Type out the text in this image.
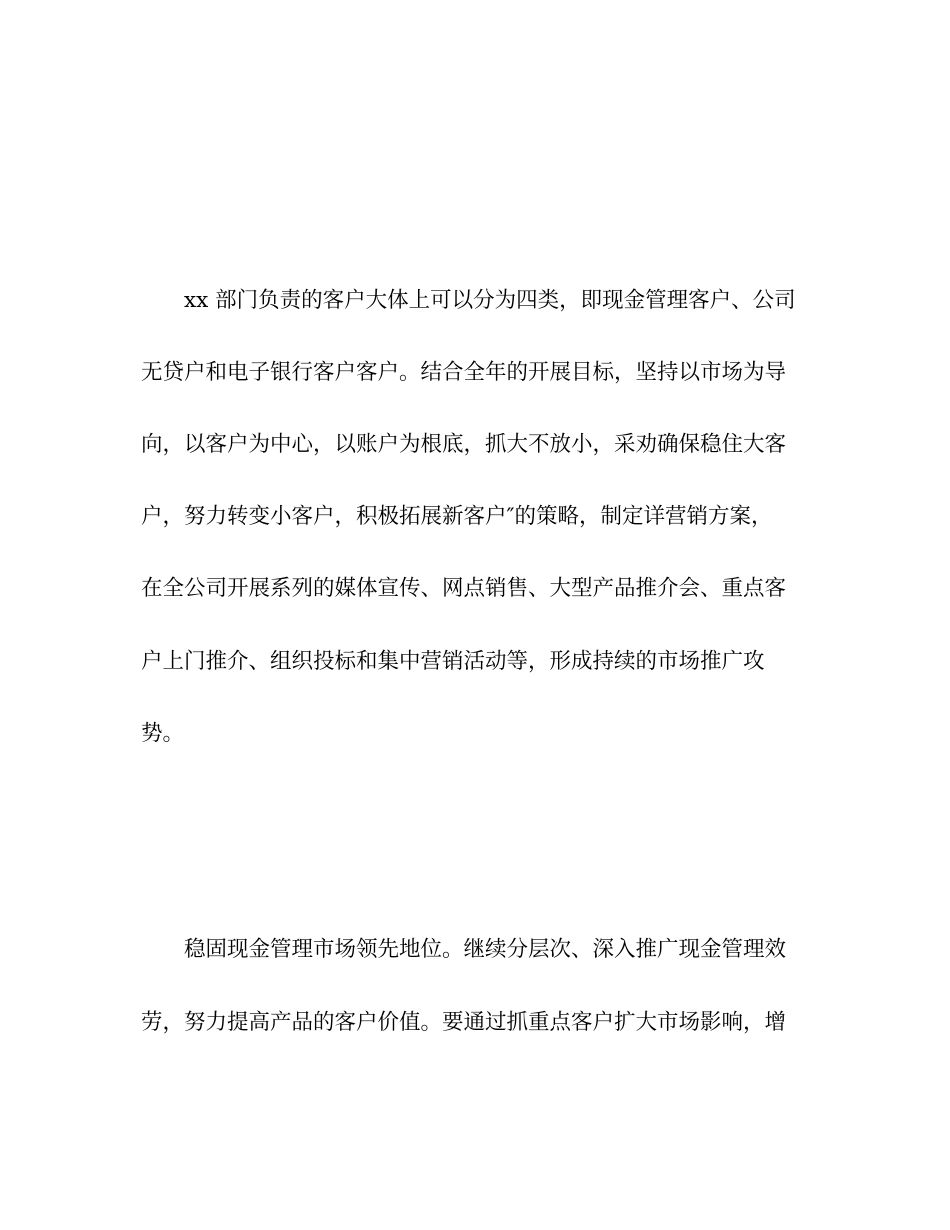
xx 部门负责的客户大体上可以分为四类，即现金管理客户、公司
无贷户和电子银行客户客户。结合全年的开展目标，坚持以市场为导
向，以客户为中心，以账户为根底，抓大不放小，采劝确保稳住大客
户，努力转变小客户，积极拓展新客户″的策略，制定详营销方案，
在全公司开展系列的媒体宣传、网点销售、大型产品推介会、重点客
户上门推介、组织投标和集中营销活动等，形成持续的市场推广攻
势。
稳固现金管理市场领先地位。继续分层次、深入推广现金管理效
劳，努力提高产品的客户价值。要通过抓重点客户扩大市场影响，增
